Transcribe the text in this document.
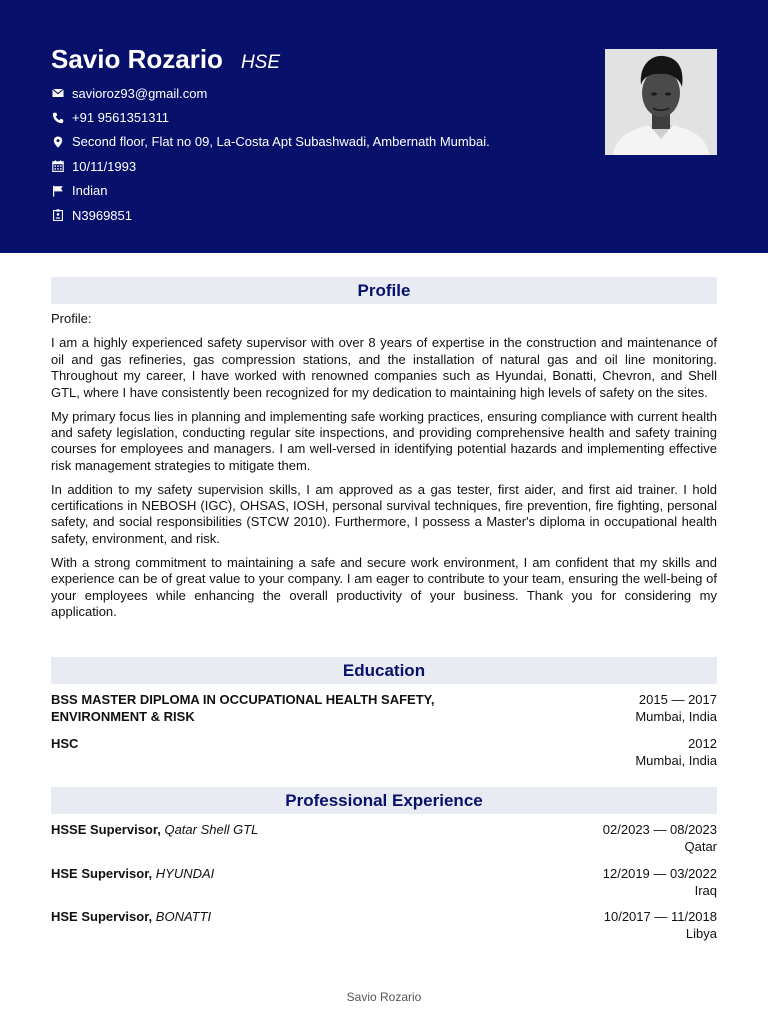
Savio Rozario HSE
savioroz93@gmail.com
+91 9561351311
Second floor, Flat no 09, La-Costa Apt Subashwadi, Ambernath Mumbai.
10/11/1993
Indian
N3969851
Profile

Profile:

I am a highly experienced safety supervisor with over 8 years of expertise in the construction and maintenance of oil and gas refineries, gas compression stations, and the installation of natural gas and oil line monitoring. Throughout my career, I have worked with renowned companies such as Hyundai, Bonatti, Chevron, and Shell GTL, where I have consistently been recognized for my dedication to maintaining high levels of safety on the sites.

My primary focus lies in planning and implementing safe working practices, ensuring compliance with current health and safety legislation, conducting regular site inspections, and providing comprehensive health and safety training courses for employees and managers. I am well-versed in identifying potential hazards and implementing effective risk management strategies to mitigate them.

In addition to my safety supervision skills, I am approved as a gas tester, first aider, and first aid trainer. I hold certifications in NEBOSH (IGC), OHSAS, IOSH, personal survival techniques, fire prevention, fire fighting, personal safety, and social responsibilities (STCW 2010). Furthermore, I possess a Master's diploma in occupational health safety, environment, and risk.

With a strong commitment to maintaining a safe and secure work environment, I am confident that my skills and experience can be of great value to your company. I am eager to contribute to your team, ensuring the well-being of your employees while enhancing the overall productivity of your business. Thank you for considering my application.

Education
BSS MASTER DIPLOMA IN OCCUPATIONAL HEALTH SAFETY, ENVIRONMENT & RISK
2015 — 2017
Mumbai, India
HSC	2012
Mumbai, India
Professional Experience
HSSE Supervisor, Qatar Shell GTL	02/2023 — 08/2023
Qatar
HSE Supervisor, HYUNDAI	12/2019 — 03/2022
Iraq
HSE Supervisor, BONATTI	10/2017 — 11/2018
Libya
Savio Rozario
